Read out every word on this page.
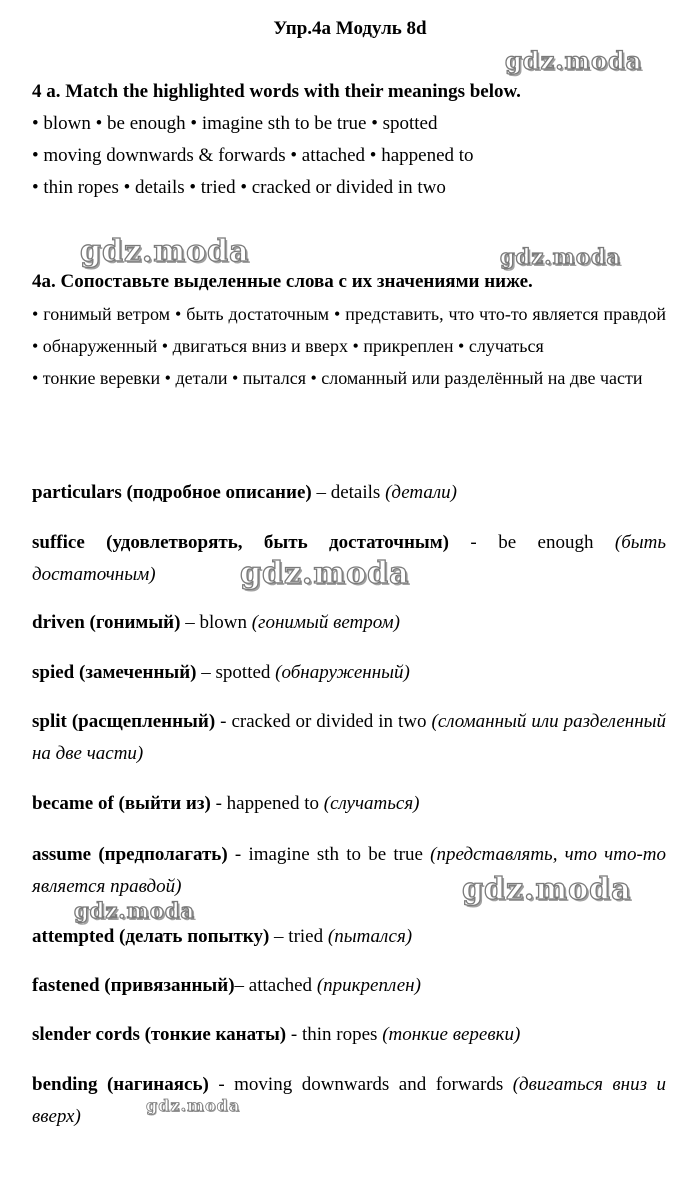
Упр.4а Модуль 8d

4 a. Match the highlighted words with their meanings below.

• blown • be enough • imagine sth to be true • spotted

• moving downwards & forwards • attached • happened to

• thin ropes • details • tried • cracked or divided in two

4а. Сопоставьте выделенные слова с их значениями ниже.

• гонимый ветром • быть достаточным • представить, что что-то является правдой • обнаруженный • двигаться вниз и вверх • прикреплен • случаться

• тонкие веревки • детали • пытался • сломанный или разделённый на две части

particulars (подробное описание) – details (детали)

suffice (удовлетворять, быть достаточным) - be enough (быть достаточным)

driven (гонимый) – blown (гонимый ветром)

spied (замеченный) – spotted (обнаруженный)

split (расщепленный) - cracked or divided in two (сломанный или разделенный на две части)

became of (выйти из) - happened to (случаться)

assume (предполагать) - imagine sth to be true (представлять, что что-то является правдой)

attempted (делать попытку) – tried (пытался)

fastened (привязанный)– attached (прикреплен)

slender cords (тонкие канаты) - thin ropes (тонкие веревки)

bending (нагинаясь) - moving downwards and forwards (двигаться вниз и вверх)

gdz.moda
gdz.moda	gdz.moda
gdz.moda
gdz.moda
gdz.moda
gdz.moda
